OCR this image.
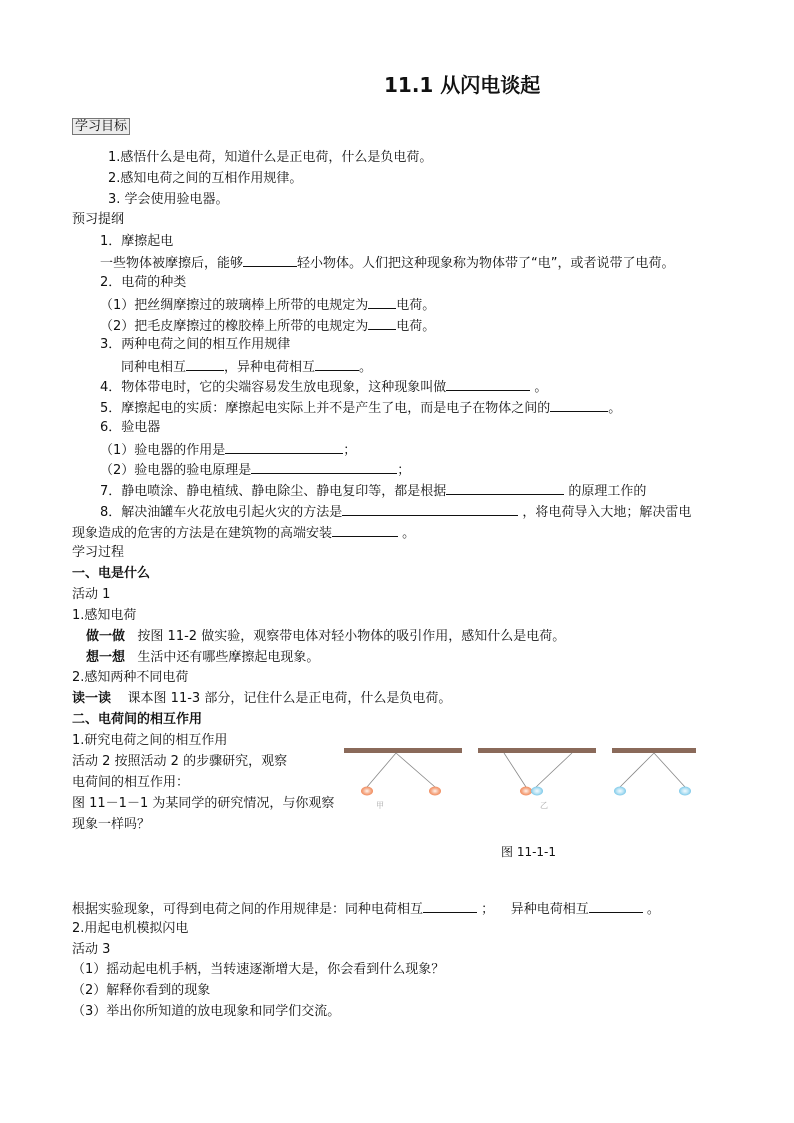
11.1 从闪电谈起
学习目标
1.感悟什么是电荷，知道什么是正电荷，什么是负电荷。
2.感知电荷之间的互相作用规律。
3. 学会使用验电器。
预习提纲
1．摩擦起电
一些物体被摩擦后，能够	轻小物体。人们把这种现象称为物体带了“电”，或者说带了电荷。
2．电荷的种类
（1）把丝绸摩擦过的玻璃棒上所带的电规定为 电荷。
（2）把毛皮摩擦过的橡胶棒上所带的电规定为 电荷。
3．两种电荷之间的相互作用规律
同种电相互	，异种电荷相互	。
4．物体带电时，它的尖端容易发生放电现象，这种现象叫做	。
5．摩擦起电的实质：摩擦起电实际上并不是产生了电，而是电子在物体之间的	。
6．验电器
（1）验电器的作用是	；
（2）验电器的验电原理是	；
7．静电喷涂、静电植绒、静电除尘、静电复印等，都是根据	的原理工作的
8．解决油罐车火花放电引起火灾的方法是	，将电荷导入大地；解决雷电
现象造成的危害的方法是在建筑物的高端安装	。
学习过程
一、电是什么
活动 1
1.感知电荷
做一做 按图 11-2 做实验，观察带电体对轻小物体的吸引作用，感知什么是电荷。
想一想 生活中还有哪些摩擦起电现象。
2.感知两种不同电荷
读一读 课本图 11-3 部分，记住什么是正电荷，什么是负电荷。
二、电荷间的相互作用
1.研究电荷之间的相互作用
活动 2 按照活动 2 的步骤研究，观察
电荷间的相互作用：
图 11－1－1 为某同学的研究情况，与你观察
现象一样吗？
甲	乙
图 11-1-1
根据实验现象，可得到电荷之间的作用规律是：同种电荷相互	； 异种电荷相互	。
2.用起电机模拟闪电
活动 3
（1）摇动起电机手柄，当转速逐渐增大是，你会看到什么现象？
（2）解释你看到的现象
（3）举出你所知道的放电现象和同学们交流。
